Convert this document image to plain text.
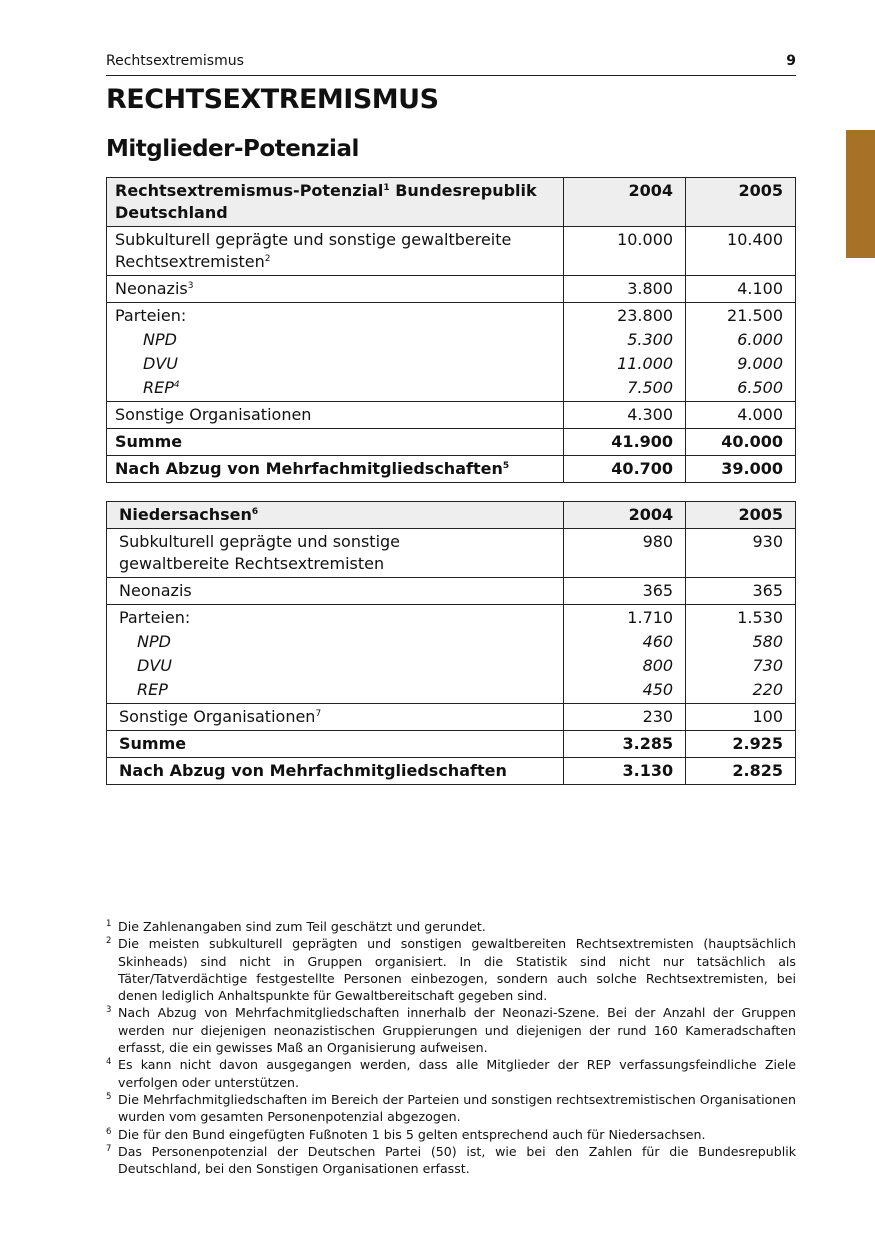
Rechtsextremismus	9
RECHTSEXTREMISMUS
Mitglieder-Potenzial
Rechtsextremismus-Potenzial$^1$ Bundesrepublik
Deutschland	2004	2005
Subkulturell geprägte und sonstige gewaltbereite
Rechtsextremisten$^2$	10.000	10.400
Neonazis$^3$	3.800	4.100
Parteien:	23.800	21.500
NPD	5.300	6.000
DVU	11.000	9.000
REP$^4$	7.500	6.500
Sonstige Organisationen	4.300	4.000
Summe	41.900	40.000
Nach Abzug von Mehrfachmitgliedschaften$^5$	40.700	39.000
Niedersachsen$^6$	2004	2005
Subkulturell geprägte und sonstige
gewaltbereite Rechtsextremisten	980	930
Neonazis	365	365
Parteien:	1.710	1.530
NPD	460	580
DVU	800	730
REP	450	220
Sonstige Organisationen$^7$	230	100
Summe	3.285	2.925
Nach Abzug von Mehrfachmitgliedschaften	3.130	2.825
1 Die Zahlenangaben sind zum Teil geschätzt und gerundet.
2 Die meisten subkulturell geprägten und sonstigen gewaltbereiten Rechtsextremisten (hauptsächlich Skinheads) sind nicht in Gruppen organisiert. In die Statistik sind nicht nur tatsächlich als Täter/Tatverdächtige festgestellte Personen einbezogen, sondern auch solche Rechtsextremisten, bei denen lediglich Anhaltspunkte für Gewaltbereitschaft gegeben sind.
3 Nach Abzug von Mehrfachmitgliedschaften innerhalb der Neonazi-Szene. Bei der Anzahl der Gruppen werden nur diejenigen neonazistischen Gruppierungen und diejenigen der rund 160 Kameradschaften erfasst, die ein gewisses Maß an Organisierung aufweisen.
4 Es kann nicht davon ausgegangen werden, dass alle Mitglieder der REP verfassungsfeindliche Ziele verfolgen oder unterstützen.
5 Die Mehrfachmitgliedschaften im Bereich der Parteien und sonstigen rechtsextremistischen Organisationen wurden vom gesamten Personenpotenzial abgezogen.
6 Die für den Bund eingefügten Fußnoten 1 bis 5 gelten entsprechend auch für Niedersachsen.
7 Das Personenpotenzial der Deutschen Partei (50) ist, wie bei den Zahlen für die Bundesrepublik Deutschland, bei den Sonstigen Organisationen erfasst.
